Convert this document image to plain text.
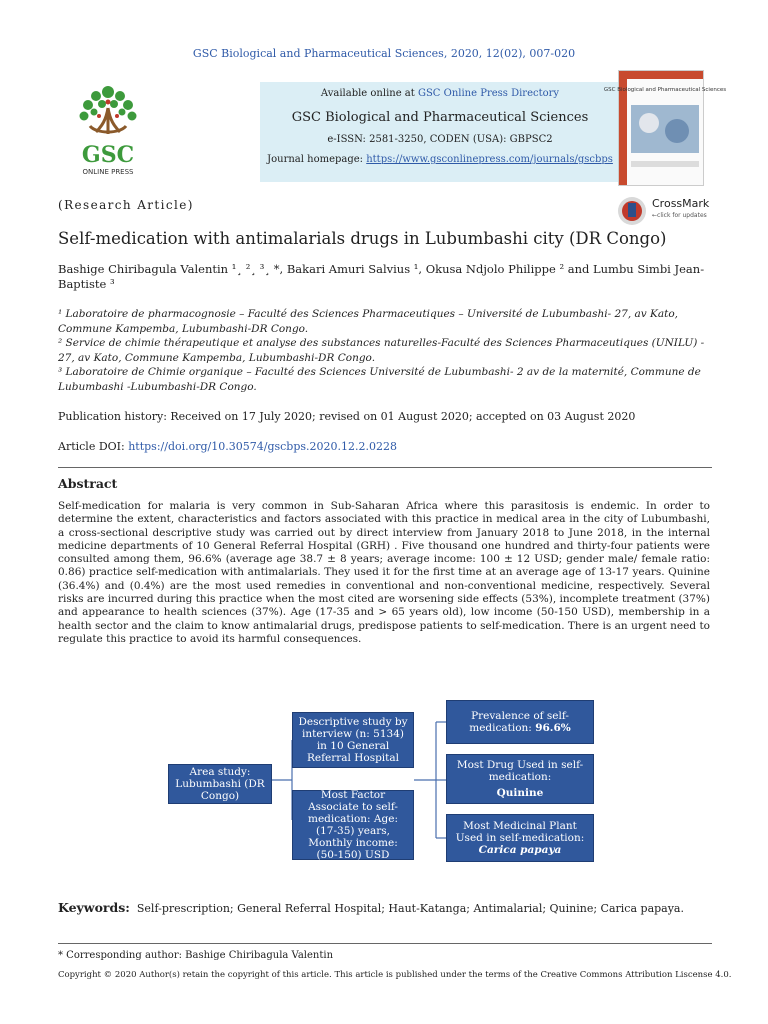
GSC Biological and Pharmaceutical Sciences, 2020, 12(02), 007-020
GSC
ONLINE PRESS
Available online at GSC Online Press Directory
GSC Biological and Pharmaceutical Sciences
e-ISSN: 2581-3250, CODEN (USA): GBPSC2
Journal homepage: https://www.gsconlinepress.com/journals/gscbps
GSC Biological and Pharmaceutical Sciences
(Research Article)	CrossMark
←click for updates
Self-medication with antimalarials drugs in Lubumbashi city (DR Congo)
Bashige Chiribagula Valentin ¹¸ ²¸ ³¸ *, Bakari Amuri Salvius ¹, Okusa Ndjolo Philippe ² and Lumbu Simbi Jean-Baptiste ³
¹ Laboratoire de pharmacognosie – Faculté des Sciences Pharmaceutiques – Université de Lubumbashi- 27, av Kato, Commune Kampemba, Lubumbashi-DR Congo.
² Service de chimie thérapeutique et analyse des substances naturelles-Faculté des Sciences Pharmaceutiques (UNILU) - 27, av Kato, Commune Kampemba, Lubumbashi-DR Congo.
³ Laboratoire de Chimie organique – Faculté des Sciences Université de Lubumbashi- 2 av de la maternité, Commune de Lubumbashi -Lubumbashi-DR Congo.
Publication history: Received on 17 July 2020; revised on 01 August 2020; accepted on 03 August 2020
Article DOI: https://doi.org/10.30574/gscbps.2020.12.2.0228
Abstract
Self-medication for malaria is very common in Sub-Saharan Africa where this parasitosis is endemic. In order to determine the extent, characteristics and factors associated with this practice in medical area in the city of Lubumbashi, a cross-sectional descriptive study was carried out by direct interview from January 2018 to June 2018, in the internal medicine departments of 10 General Referral Hospital (GRH) . Five thousand one hundred and thirty-four patients were consulted among them, 96.6% (average age 38.7 ± 8 years; average income: 100 ± 12 USD; gender male/ female ratio: 0.86) practice self-medication with antimalarials. They used it for the first time at an average age of 13-17 years. Quinine (36.4%) and (0.4%) are the most used remedies in conventional and non-conventional medicine, respectively. Several risks are incurred during this practice when the most cited are worsening side effects (53%), incomplete treatment (37%) and appearance to health sciences (37%). Age (17-35 and > 65 years old), low income (50-150 USD), membership in a health sector and the claim to know antimalarial drugs, predispose patients to self-medication. There is an urgent need to regulate this practice to avoid its harmful consequences.
Area study: Lubumbashi (DR Congo)
Descriptive study by interview (n: 5134) in 10 General Referral Hospital
Most Factor Associate to self-medication: Age: (17-35) years, Monthly income: (50-150) USD
Prevalence of self-medication: 96.6%
Most Drug Used in self-medication:
Quinine
Most Medicinal Plant Used in self-medication:
Carica papaya
Keywords: Self-prescription; General Referral Hospital; Haut-Katanga; Antimalarial; Quinine; Carica papaya.
* Corresponding author: Bashige Chiribagula Valentin
Copyright © 2020 Author(s) retain the copyright of this article. This article is published under the terms of the Creative Commons Attribution Liscense 4.0.
